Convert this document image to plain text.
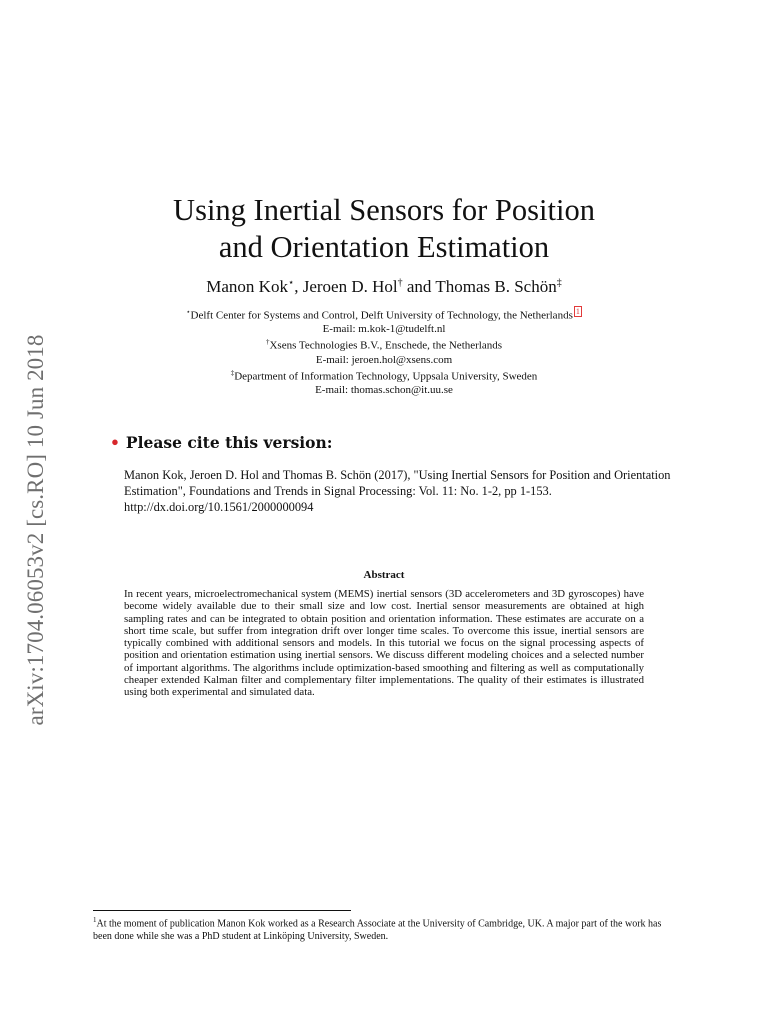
arXiv:1704.06053v2 [cs.RO] 10 Jun 2018
Using Inertial Sensors for Position
and Orientation Estimation
Manon Kok⋆, Jeroen D. Hol† and Thomas B. Schön‡
⋆Delft Center for Systems and Control, Delft University of Technology, the Netherlands 1
E-mail: m.kok-1@tudelft.nl
†Xsens Technologies B.V., Enschede, the Netherlands
E-mail: jeroen.hol@xsens.com
‡Department of Information Technology, Uppsala University, Sweden
E-mail: thomas.schon@it.uu.se
• Please cite this version:
Manon Kok, Jeroen D. Hol and Thomas B. Schön (2017), "Using Inertial Sensors for Position and Orientation Estimation", Foundations and Trends in Signal Processing: Vol. 11: No. 1-2, pp 1-153. http://dx.doi.org/10.1561/2000000094
Abstract
In recent years, microelectromechanical system (MEMS) inertial sensors (3D accelerometers and 3D gyroscopes) have become widely available due to their small size and low cost. Inertial sensor measurements are obtained at high sampling rates and can be integrated to obtain position and orientation information. These estimates are accurate on a short time scale, but suffer from integration drift over longer time scales. To overcome this issue, inertial sensors are typically combined with additional sensors and models. In this tutorial we focus on the signal processing aspects of position and orientation estimation using inertial sensors. We discuss different modeling choices and a selected number of important algorithms. The algorithms include optimization-based smoothing and filtering as well as computationally cheaper extended Kalman filter and complementary filter implementations. The quality of their estimates is illustrated using both experimental and simulated data.
$^1$At the moment of publication Manon Kok worked as a Research Associate at the University of Cambridge, UK. A major part of the work has been done while she was a PhD student at Linköping University, Sweden.
